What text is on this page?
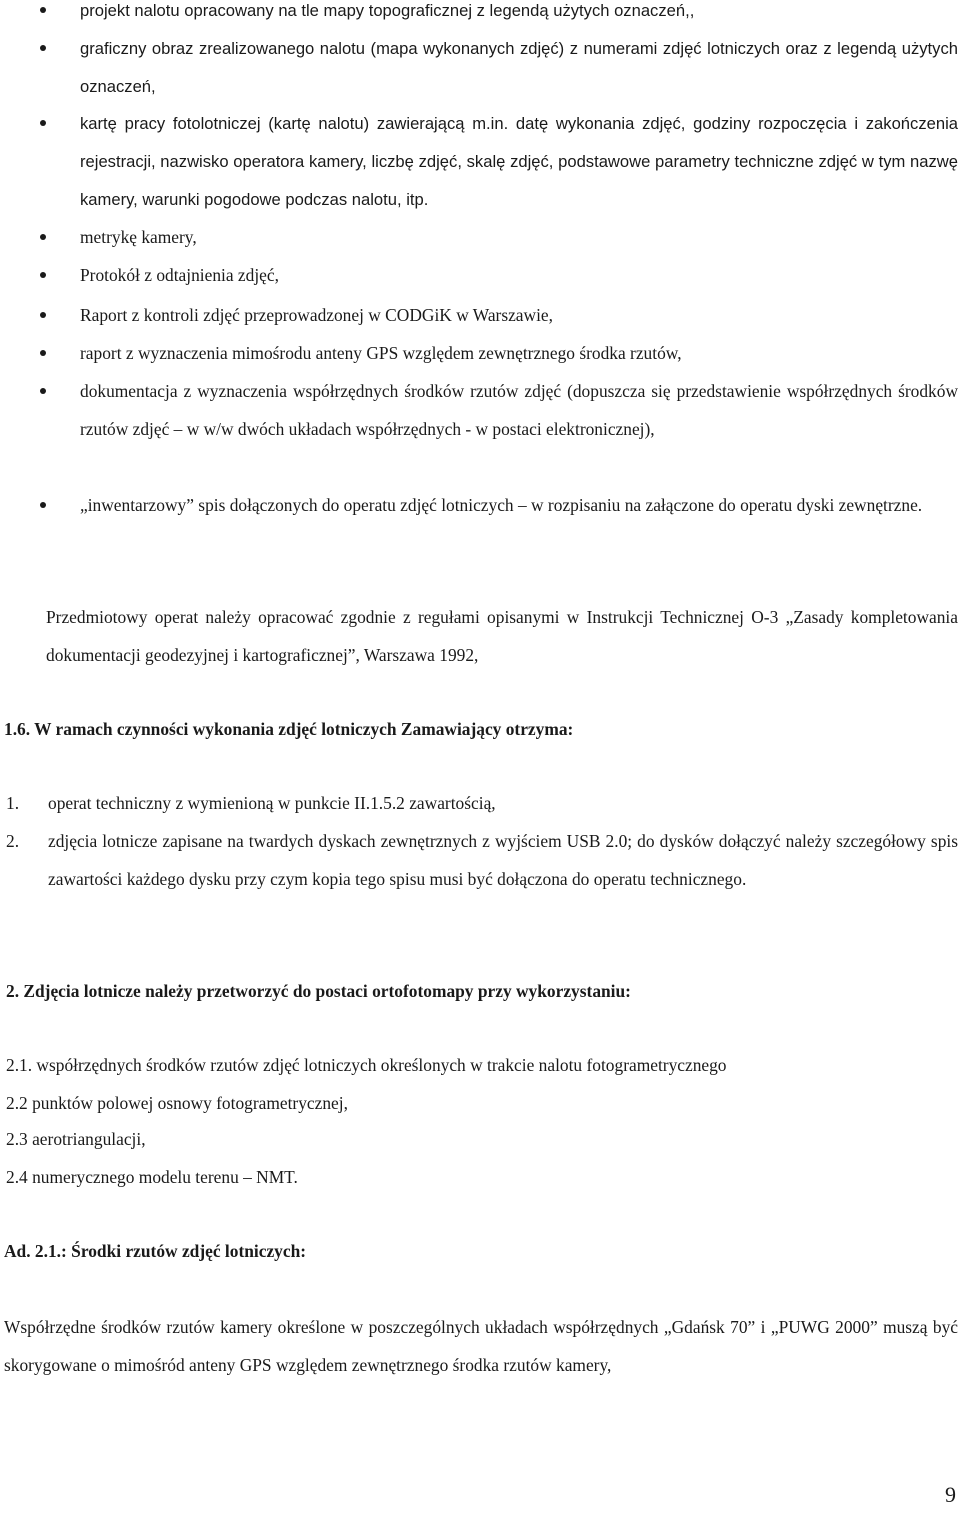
projekt nalotu opracowany na tle mapy topograficznej z legendą użytych oznaczeń,,
graficzny obraz zrealizowanego nalotu (mapa wykonanych zdjęć) z numerami zdjęć lotniczych oraz z legendą użytych oznaczeń,
kartę pracy fotolotniczej (kartę nalotu) zawierającą m.in. datę wykonania zdjęć, godziny rozpoczęcia i zakończenia rejestracji, nazwisko operatora kamery, liczbę zdjęć, skalę zdjęć, podstawowe parametry techniczne zdjęć w tym nazwę kamery, warunki pogodowe podczas nalotu, itp.
metrykę kamery,
Protokół z odtajnienia zdjęć,
Raport z kontroli zdjęć przeprowadzonej w CODGiK w Warszawie,
raport z wyznaczenia mimośrodu anteny GPS względem zewnętrznego środka rzutów,
dokumentacja z wyznaczenia współrzędnych środków rzutów zdjęć (dopuszcza się przedstawienie współrzędnych środków rzutów zdjęć – w w/w dwóch układach współrzędnych - w postaci elektronicznej),
„inwentarzowy” spis dołączonych do operatu zdjęć lotniczych – w rozpisaniu na załączone do operatu dyski zewnętrzne.
Przedmiotowy operat należy opracować zgodnie z regułami opisanymi w Instrukcji Technicznej O-3 „Zasady kompletowania dokumentacji geodezyjnej i kartograficznej”, Warszawa 1992,
1.6. W ramach czynności wykonania zdjęć lotniczych Zamawiający otrzyma:
1.	operat techniczny z wymienioną w punkcie II.1.5.2 zawartością,
2.	zdjęcia lotnicze zapisane na twardych dyskach zewnętrznych z wyjściem USB 2.0; do dysków dołączyć należy szczegółowy spis zawartości każdego dysku przy czym kopia tego spisu musi być dołączona do operatu technicznego.
2. Zdjęcia lotnicze należy przetworzyć do postaci ortofotomapy przy wykorzystaniu:
2.1. współrzędnych środków rzutów zdjęć lotniczych określonych w trakcie nalotu fotogrametrycznego
2.2 punktów polowej osnowy fotogrametrycznej,
2.3 aerotriangulacji,
2.4 numerycznego modelu terenu – NMT.
Ad. 2.1.: Środki rzutów zdjęć lotniczych:
Współrzędne środków rzutów kamery określone w poszczególnych układach współrzędnych „Gdańsk 70” i „PUWG 2000” muszą być skorygowane o mimośród anteny GPS względem zewnętrznego środka rzutów kamery,
9
